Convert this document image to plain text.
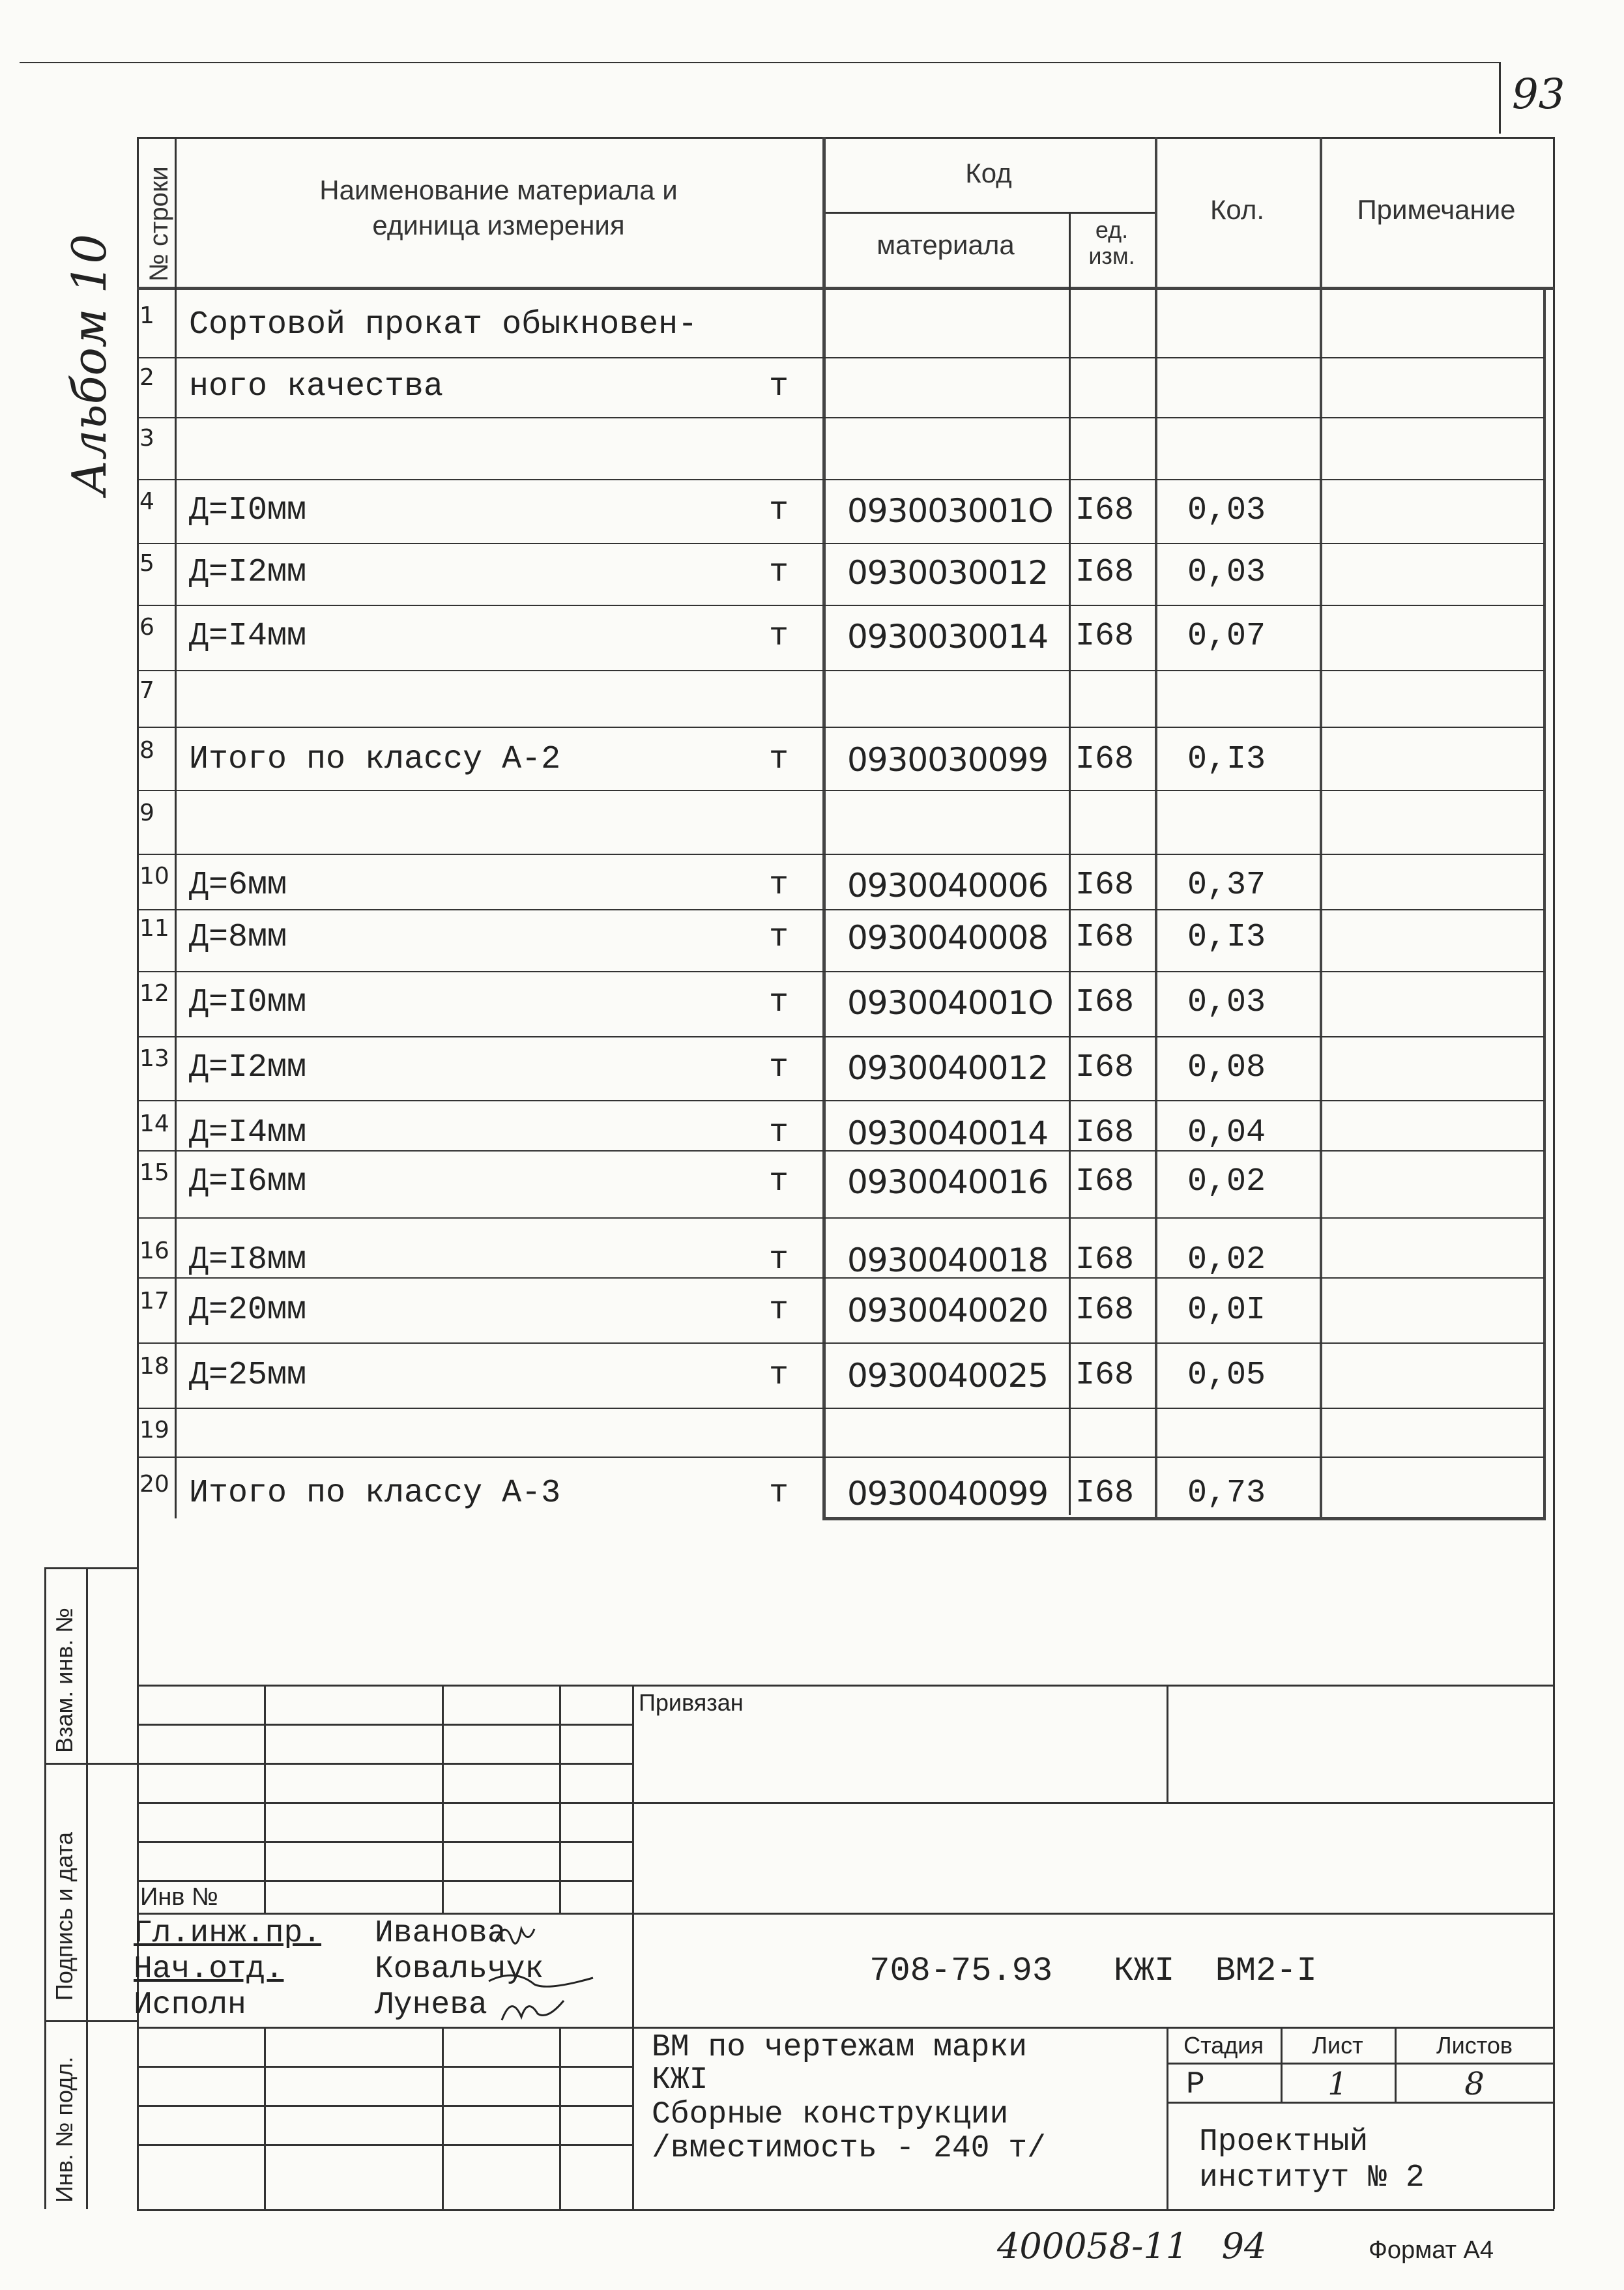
93
Альбом 10
№ строки	Наименование материала и
единица измерения
Код
материала	ед.
изм.
Кол.	Примечание
1	Сортовой прокат обыкновен-
2	ного качества	т
3
4	Д=I0мм	т 093003001О I68 0,03
5	Д=I2мм	т 0930030012 I68 0,03
6	Д=I4мм	т 0930030014 I68 0,07
7
8	Итого по классу А-2	т 0930030099 I68 0,I3
9
10 Д=6мм	т 0930040006 I68 0,37
11 Д=8мм	т 0930040008 I68 0,I3
12 Д=I0мм	т 093004001О I68 0,03
13 Д=I2мм	т 0930040012 I68 0,08
14 Д=I4мм	т 0930040014 I68 0,04
15 Д=I6мм	т 0930040016 I68 0,02
16 Д=I8мм	т 0930040018 I68 0,02
17 Д=20мм	т 0930040020 I68 0,0I
18 Д=25мм	т 0930040025 I68 0,05
19
20 Итого по классу А-3	т 0930040099 I68 0,73
Взам. инв. №
Подпись и дата
Инв. № подл.
Привязан
Инв №
Гл.инж.пр. Иванова
Нач.отд.	Ковальчук
Исполн	Лунева
708-75.93   КЖI  ВМ2-I
ВМ по чертежам марки
КЖI
Сборные конструкции
/вместимость - 240 т/
Стадия	Лист	Листов
Р	1	8
Проектный
институт № 2
400058-11   94	Формат А4
